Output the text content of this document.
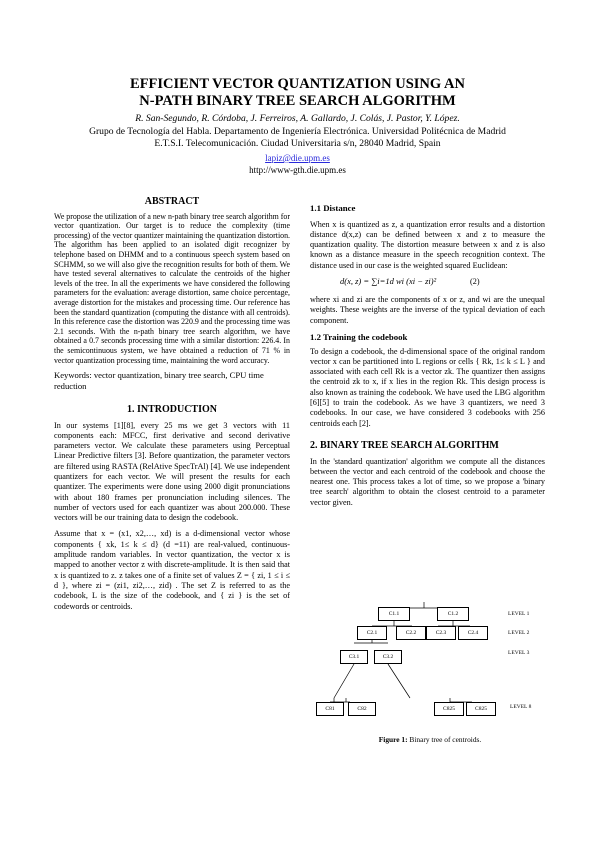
EFFICIENT VECTOR QUANTIZATION USING AN
N-PATH BINARY TREE SEARCH ALGORITHM
R. San-Segundo, R. Córdoba, J. Ferreiros, A. Gallardo, J. Colás, J. Pastor, Y. López.
Grupo de Tecnología del Habla. Departamento de Ingeniería Electrónica. Universidad Politécnica de Madrid
E.T.S.I. Telecomunicación. Ciudad Universitaria s/n, 28040 Madrid, Spain
lapiz@die.upm.es
http://www-gth.die.upm.es
ABSTRACT

We propose the utilization of a new n-path binary tree search algorithm for vector quantization. Our target is to reduce the complexity (time processing) of the vector quantizer maintaining the quantization distortion. The algorithm has been applied to an isolated digit recognizer by telephone based on DHMM and to a continuous speech system based on SCHMM, so we will also give the recognition results for both of them. We have tested several alternatives to calculate the centroids of the higher levels of the tree. In all the experiments we have considered the following parameters for the evaluation: average distortion, same choice percentage, average distortion for the mistakes and processing time. Our reference has been the standard quantization (computing the distance with all centroids). In this reference case the distortion was 220.9 and the processing time was 2.1 seconds. With the n-path binary tree search algorithm, we have obtained a 0.7 seconds processing time with a similar distortion: 226.4. In the semicontinuous system, we have obtained a reduction of 71 % in vector quantization processing time, maintaining the word accuracy.

Keywords: vector quantization, binary tree search, CPU time reduction

1. INTRODUCTION

In our systems [1][8], every 25 ms we get 3 vectors with 11 components each: MFCC, first derivative and second derivative parameters vector. We calculate these parameters using Perceptual Linear Predictive filters [3]. Before quantization, the parameter vectors are filtered using RASTA (RelAtive SpecTrAl) [4]. We use independent quantizers for each vector. We will present the results for each quantizer. The experiments were done using 2000 digit pronunciations with about 180 frames per pronunciation including silences. The number of vectors used for each quantizer was about 200.000. These vectors will be our training data to design the codebook.

Assume that x = (x1, x2,…, xd) is a d-dimensional vector whose components { xk, 1≤ k ≤ d} (d =11) are real-valued, continuous-amplitude random variables. In vector quantization, the vector x is mapped to another vector z with discrete-amplitude. It is then said that x is quantized to z. z takes one of a finite set of values Z = { zi, 1 ≤ i ≤ d }, where zi = (zi1, zi2,…, zid) . The set Z is referred to as the codebook, L is the size of the codebook, and { zi } is the set of codewords or centroids.

1.1 Distance

When x is quantized as z, a quantization error results and a distortion distance d(x,z) can be defined between x and z to measure the quantization quality. The distortion measure between x and z is also known as a distance measure in the speech recognition context. The distance used in our case is the weighted squared Euclidean:

d(x, z) = ∑i=1d wi (xi − zi)²	(2)

where xi and zi are the components of x or z, and wi are the unequal weights. These weights are the inverse of the typical deviation of each component.

1.2 Training the codebook

To design a codebook, the d-dimensional space of the original random vector x can be partitioned into L regions or cells { Rk, 1≤ k ≤ L } and associated with each cell Rk is a vector zk. The quantizer then assigns the centroid zk to x, if x lies in the region Rk. This design process is also known as training the codebook. We have used the LBG algorithm [6][5] to train the codebook. As we have 3 quantizers, we need 3 codebooks. In our case, we have considered 3 codebooks with 256 centroids each [2].

2. BINARY TREE SEARCH ALGORITHM

In the 'standard quantization' algorithm we compute all the distances between the vector and each centroid of the codebook and choose the nearest one. This process takes a lot of time, so we propose a 'binary tree search' algorithm to obtain the closest centroid to a parameter vector given.

C1.1	C1.2	LEVEL 1
C2.1	C2.2	C2.3	C2.4	LEVEL 2
C3.1	C3.2
LEVEL 3
C81	C82	C825	C825	LEVEL 8
Figure 1: Binary tree of centroids.
